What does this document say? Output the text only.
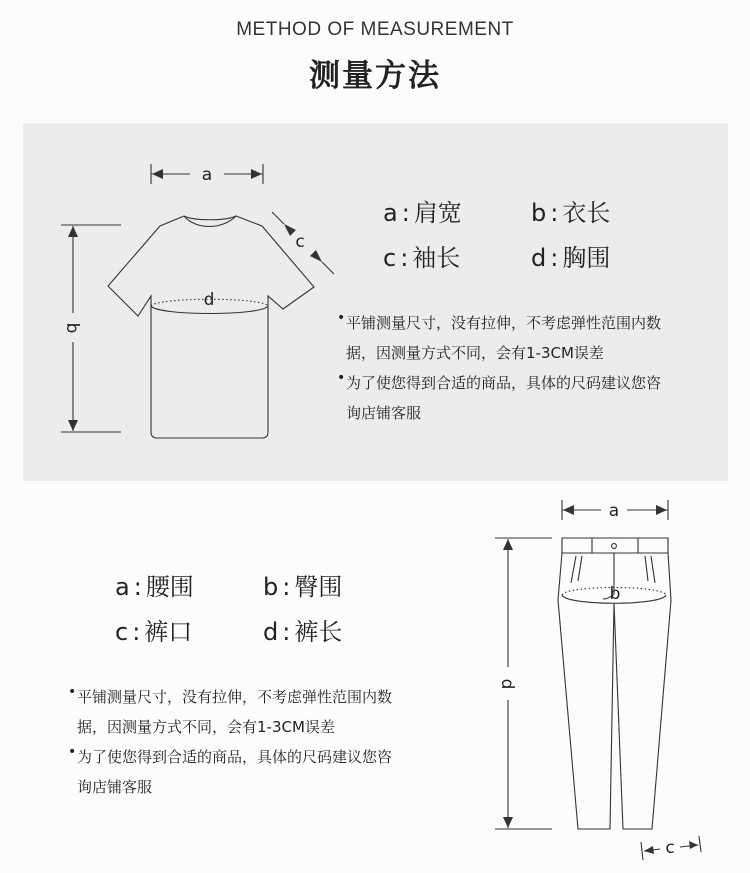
METHOD OF MEASUREMENT
测量方法
a
c
d
b
a : 肩宽	b : 衣长
c : 袖长	d : 胸围
• 平铺测量尺寸，没有拉伸，不考虑弹性范围内数
据，因测量方式不同，会有1-3CM误差
• 为了使您得到合适的商品，具体的尺码建议您咨
询店铺客服
a
b
c
d
a : 腰围	b : 臀围
c : 裤口	d : 裤长
• 平铺测量尺寸，没有拉伸，不考虑弹性范围内数
据，因测量方式不同，会有1-3CM误差
• 为了使您得到合适的商品，具体的尺码建议您咨
询店铺客服
